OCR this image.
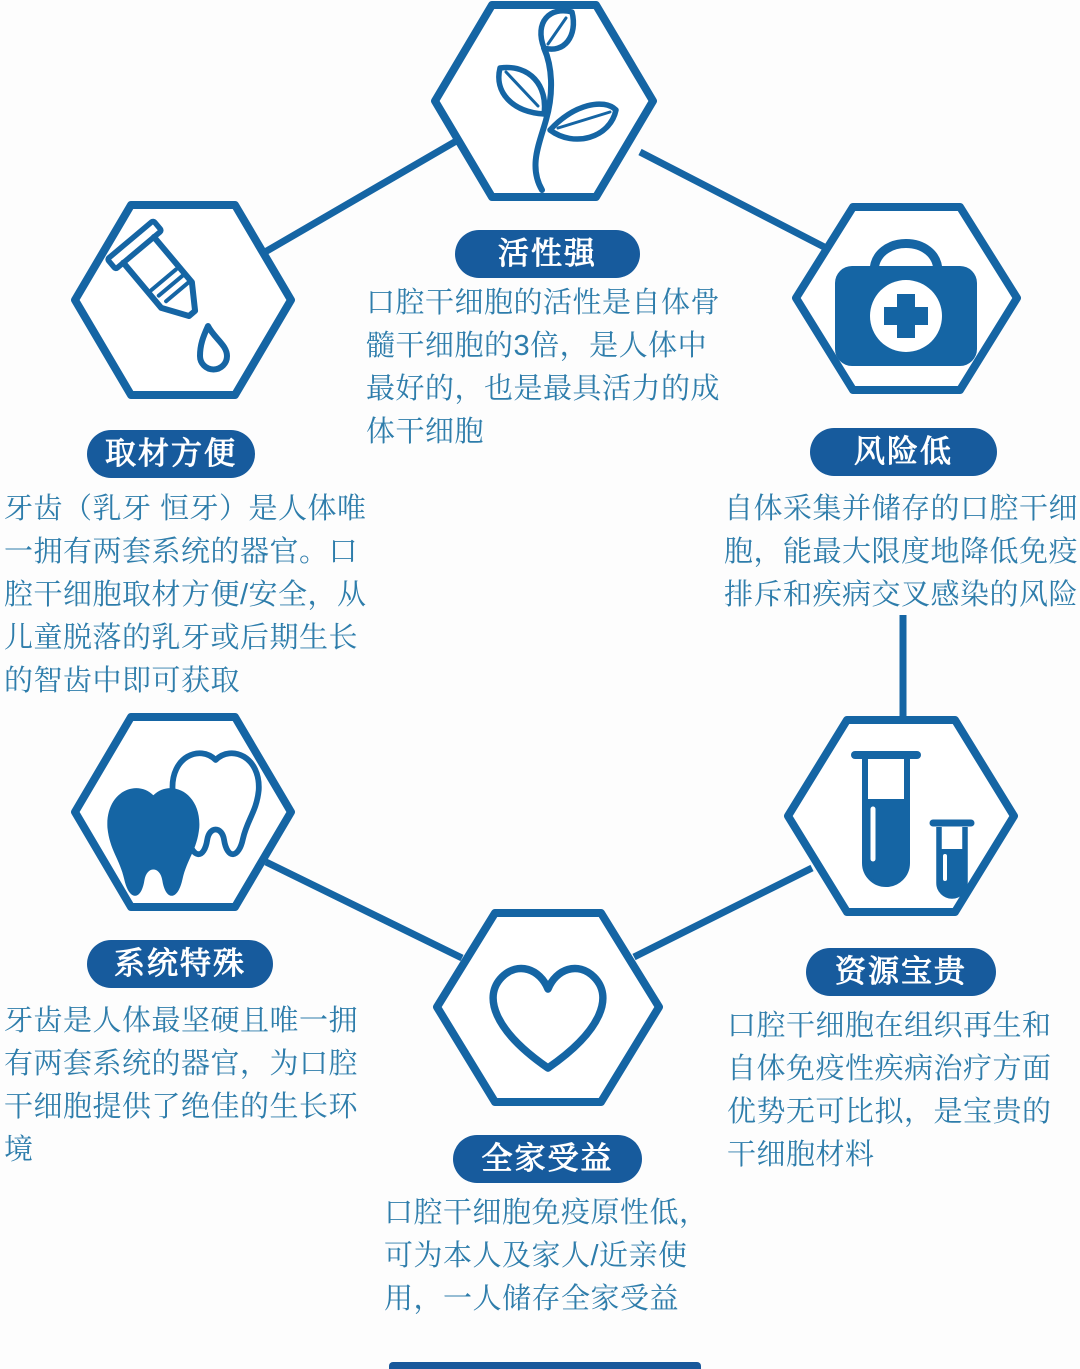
活性强

口腔干细胞的活性是自体骨髓干细胞的3倍，是人体中最好的，也是最具活力的成体干细胞

取材方便

牙齿（乳牙 恒牙）是人体唯一拥有两套系统的器官。口腔干细胞取材方便/安全，从儿童脱落的乳牙或后期生长的智齿中即可获取

风险低

自体采集并储存的口腔干细胞，能最大限度地降低免疫排斥和疾病交叉感染的风险

系统特殊

牙齿是人体最坚硬且唯一拥有两套系统的器官，为口腔干细胞提供了绝佳的生长环境	全家受益

口腔干细胞免疫原性低，可为本人及家人/近亲使用，一人储存全家受益

资源宝贵

口腔干细胞在组织再生和自体免疫性疾病治疗方面优势无可比拟，是宝贵的干细胞材料
